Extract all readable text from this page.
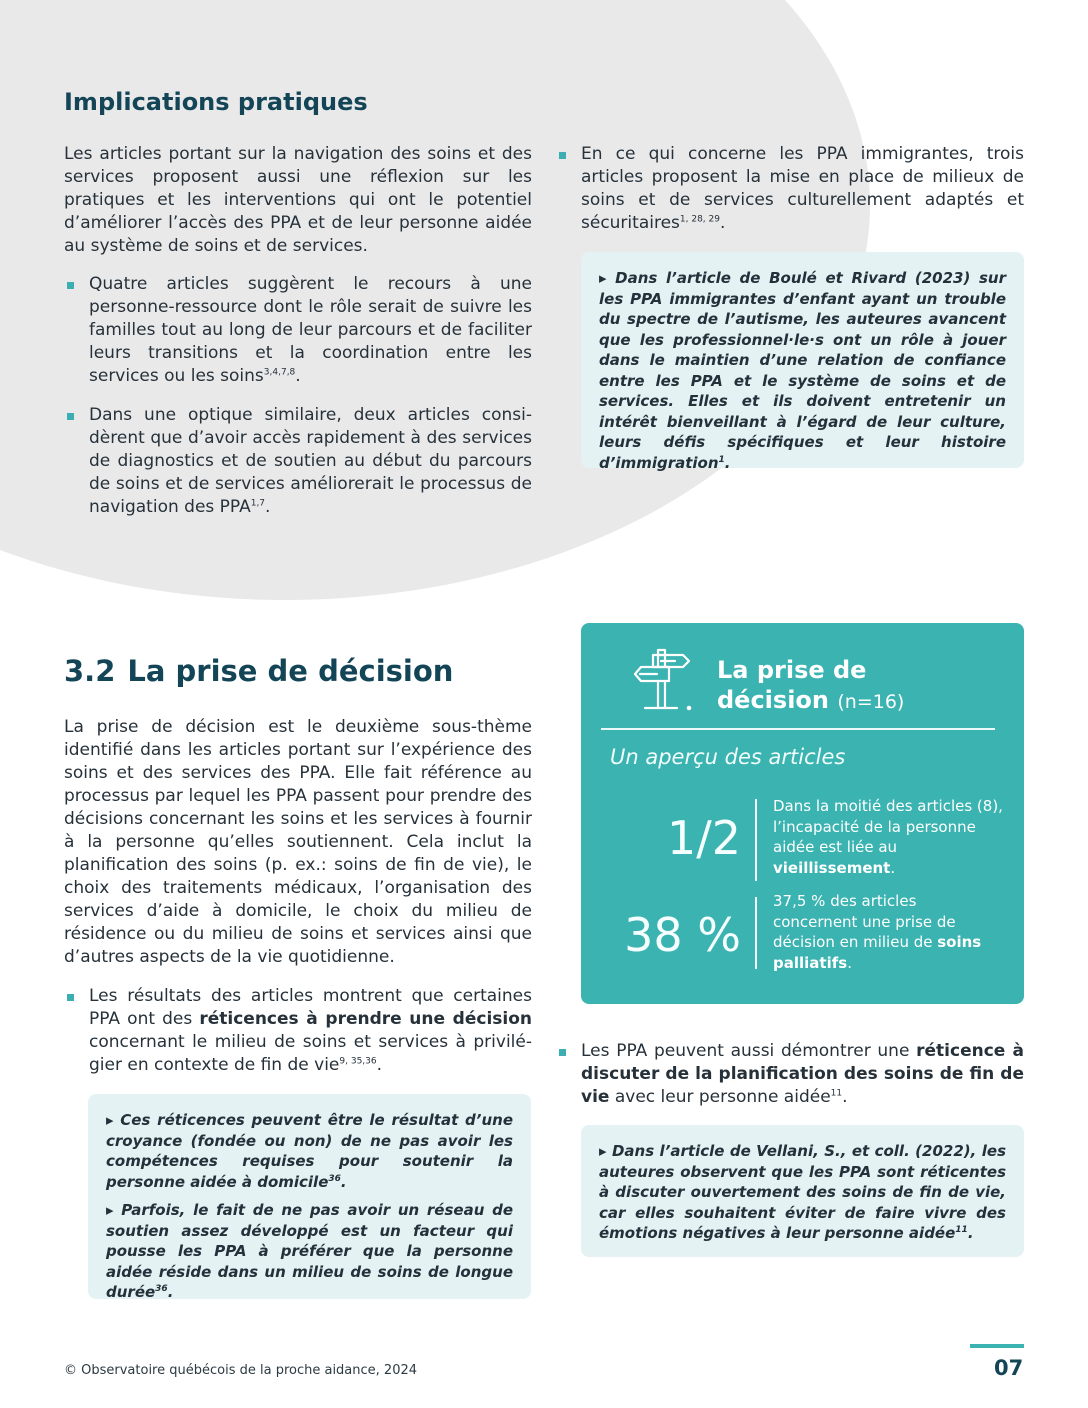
Implications pratiques

Les articles portant sur la navigation des soins et des services proposent aussi une réflexion sur les pratiques et les interventions qui ont le potentiel d’améliorer l’accès des PPA et de leur personne aidée au système de soins et de services.

Quatre articles suggèrent le recours à une personne-ressource dont le rôle serait de suivre les familles tout au long de leur parcours et de faciliter leurs transitions et la coordination entre les services ou les soins$^{3,4,7,8}$.
Dans une optique similaire, deux articles considèrent que d’avoir accès rapidement à des services de diagnostics et de soutien au début du parcours de soins et de services améliorerait le processus de navigation des PPA$^{1,7}$.
En ce qui concerne les PPA immigrantes, trois articles proposent la mise en place de milieux de soins et de services culturellement adaptés et sécuritaires$^{1, 28, 29}$.

▸ Dans l’article de Boulé et Rivard (2023) sur les PPA immigrantes d’enfant ayant un trouble du spectre de l’autisme, les auteures avancent que les professionnel·le·s ont un rôle à jouer dans le maintien d’une relation de confiance entre les PPA et le système de soins et de services. Elles et ils doivent entretenir un intérêt bienveillant à l’égard de leur culture, leurs défis spécifiques et leur histoire d’immigration$^1$.

3.2 La prise de décision

La prise de décision est le deuxième sous-thème identifié dans les articles portant sur l’expérience des soins et des services des PPA. Elle fait référence au processus par lequel les PPA passent pour prendre des décisions concernant les soins et les services à fournir à la personne qu’elles soutiennent. Cela inclut la planification des soins (p. ex.: soins de fin de vie), le choix des traitements médicaux, l’organisation des services d’aide à domicile, le choix du milieu de résidence ou du milieu de soins et services ainsi que d’autres aspects de la vie quotidienne.

Les résultats des articles montrent que certaines PPA ont des réticences à prendre une décision concernant le milieu de soins et services à privilégier en contexte de fin de vie$^{9, 35,36}$.

▸ Ces réticences peuvent être le résultat d’une croyance (fondée ou non) de ne pas avoir les compétences requises pour soutenir la personne aidée à domicile$^{36}$.

▸ Parfois, le fait de ne pas avoir un réseau de soutien assez développé est un facteur qui pousse les PPA à préférer que la personne aidée réside dans un milieu de soins de longue durée$^{36}$.

La prise de
décision (n=16)
Un aperçu des articles
1/2
Dans la moitié des articles (8), l’incapacité de la personne aidée est liée au vieillissement.
38 %
37,5 % des articles concernent une prise de décision en milieu de soins palliatifs.
Les PPA peuvent aussi démontrer une réticence à discuter de la planification des soins de fin de vie avec leur personne aidée$^{11}$.

▸ Dans l’article de Vellani, S., et coll. (2022), les auteures observent que les PPA sont réticentes à discuter ouvertement des soins de fin de vie, car elles souhaitent éviter de faire vivre des émotions négatives à leur personne aidée$^{11}$.

© Observatoire québécois de la proche aidance, 2024	07
